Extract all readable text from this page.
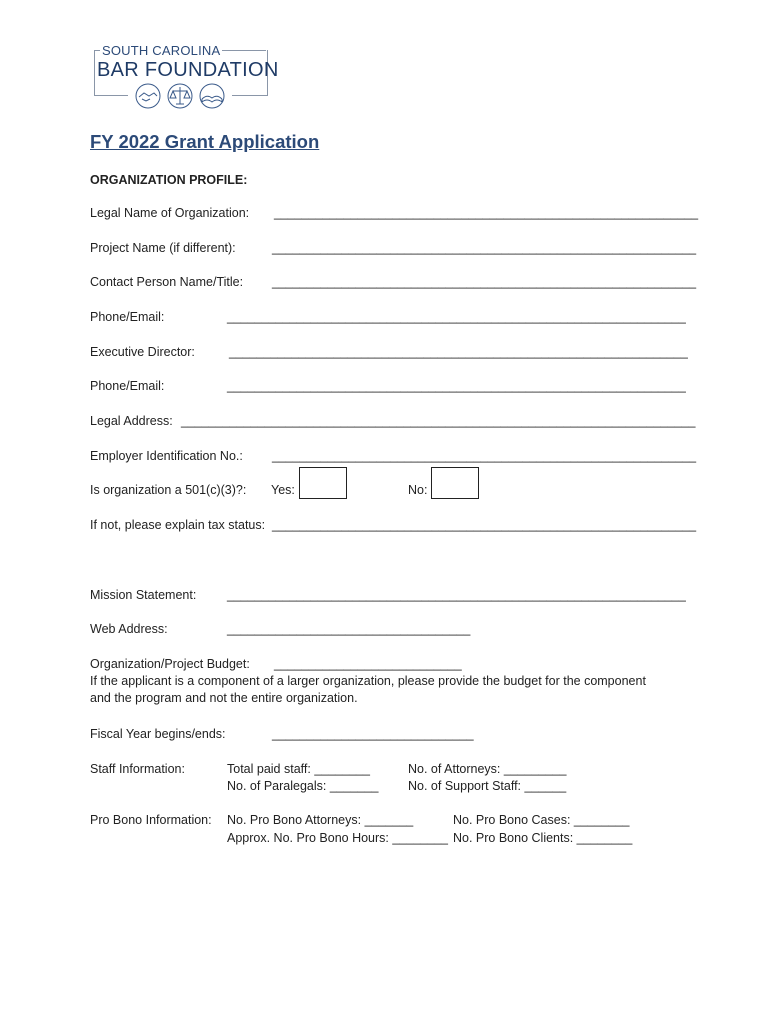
SOUTH CAROLINA
BAR FOUNDATION
FY 2022 Grant Application
ORGANIZATION PROFILE:
Legal Name of Organization: _____________________________________________________________
Project Name (if different):	_____________________________________________________________
Contact Person Name/Title: _____________________________________________________________
Phone/Email:	__________________________________________________________________
Executive Director:	__________________________________________________________________
Phone/Email:	__________________________________________________________________
Legal Address: __________________________________________________________________________
Employer Identification No.: _____________________________________________________________
Is organization a 501(c)(3)?: Yes:	No:
If not, please explain tax status: _____________________________________________________________
Mission Statement: __________________________________________________________________
Web Address:	___________________________________
Organization/Project Budget: ___________________________
If the applicant is a component of a larger organization, please provide the budget for the component
and the program and not the entire organization.
Fiscal Year begins/ends:	_____________________________
Staff Information:	Total paid staff: ________	No. of Attorneys: _________
No. of Paralegals: _______ No. of Support Staff: ______
Pro Bono Information: No. Pro Bono Attorneys: _______	No. Pro Bono Cases: ________
Approx. No. Pro Bono Hours: ________ No. Pro Bono Clients: ________
